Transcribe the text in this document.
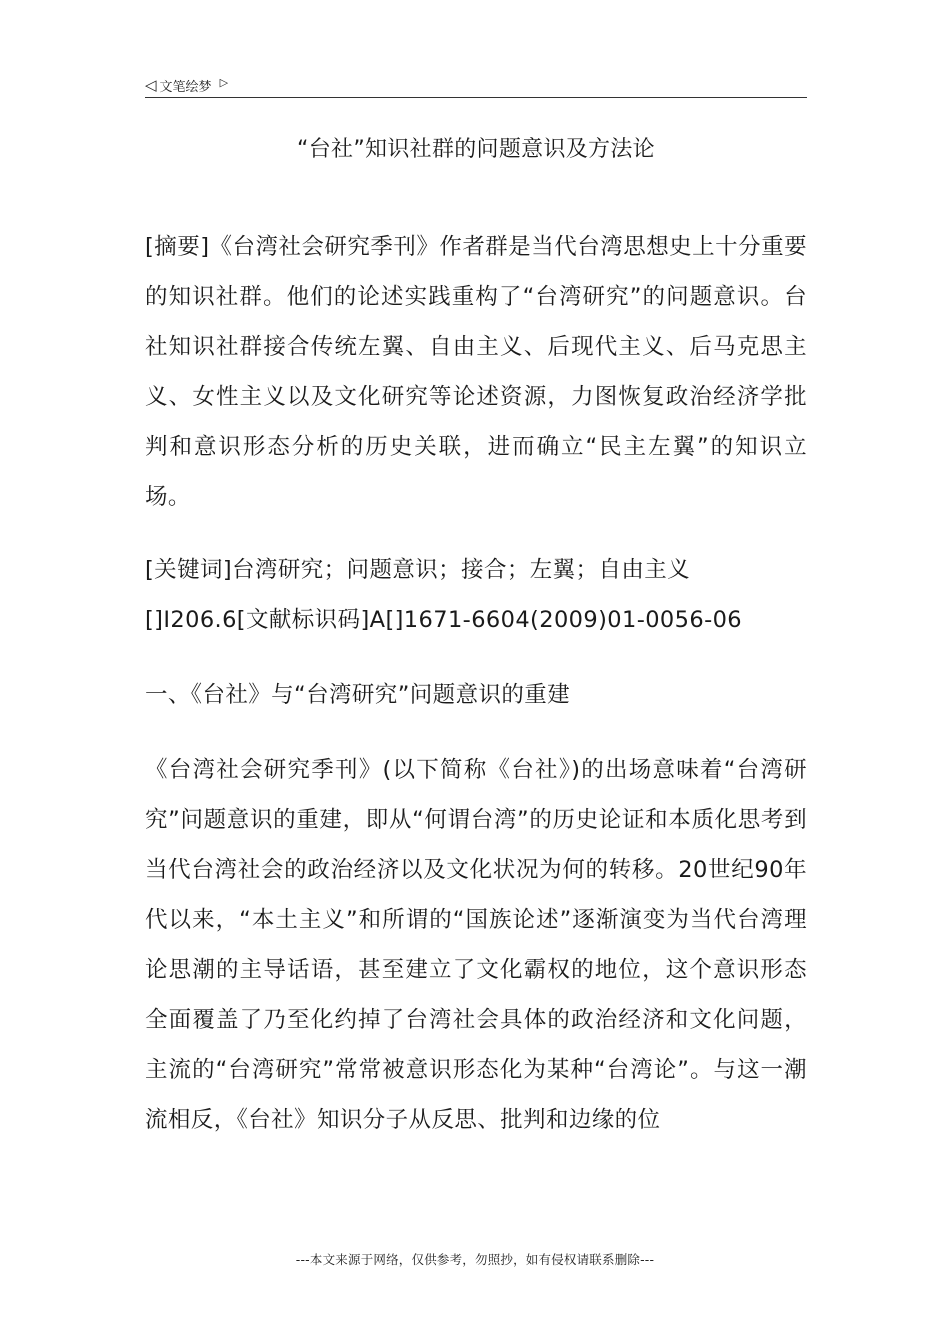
◁ 文笔绘梦 ▷
“台社”知识社群的问题意识及方法论

[摘要]《台湾社会研究季刊》作者群是当代台湾思想史上十分重要的知识社群。他们的论述实践重构了“台湾研究”的问题意识。台社知识社群接合传统左翼、自由主义、后现代主义、后马克思主义、女性主义以及文化研究等论述资源，力图恢复政治经济学批判和意识形态分析的历史关联，进而确立“民主左翼”的知识立场。

[关键词]台湾研究；问题意识；接合；左翼；自由主义

[]I206.6[文献标识码]A[]1671-6604(2009)01-0056-06

一、《台社》与“台湾研究”问题意识的重建

《台湾社会研究季刊》(以下简称《台社》)的出场意味着“台湾研究”问题意识的重建，即从“何谓台湾”的历史论证和本质化思考到当代台湾社会的政治经济以及文化状况为何的转移。20世纪90年代以来，“本土主义”和所谓的“国族论述”逐渐演变为当代台湾理论思潮的主导话语，甚至建立了文化霸权的地位，这个意识形态全面覆盖了乃至化约掉了台湾社会具体的政治经济和文化问题，主流的“台湾研究”常常被意识形态化为某种“台湾论”。与这一潮流相反，《台社》知识分子从反思、批判和边缘的位

---本文来源于网络，仅供参考，勿照抄，如有侵权请联系删除---
